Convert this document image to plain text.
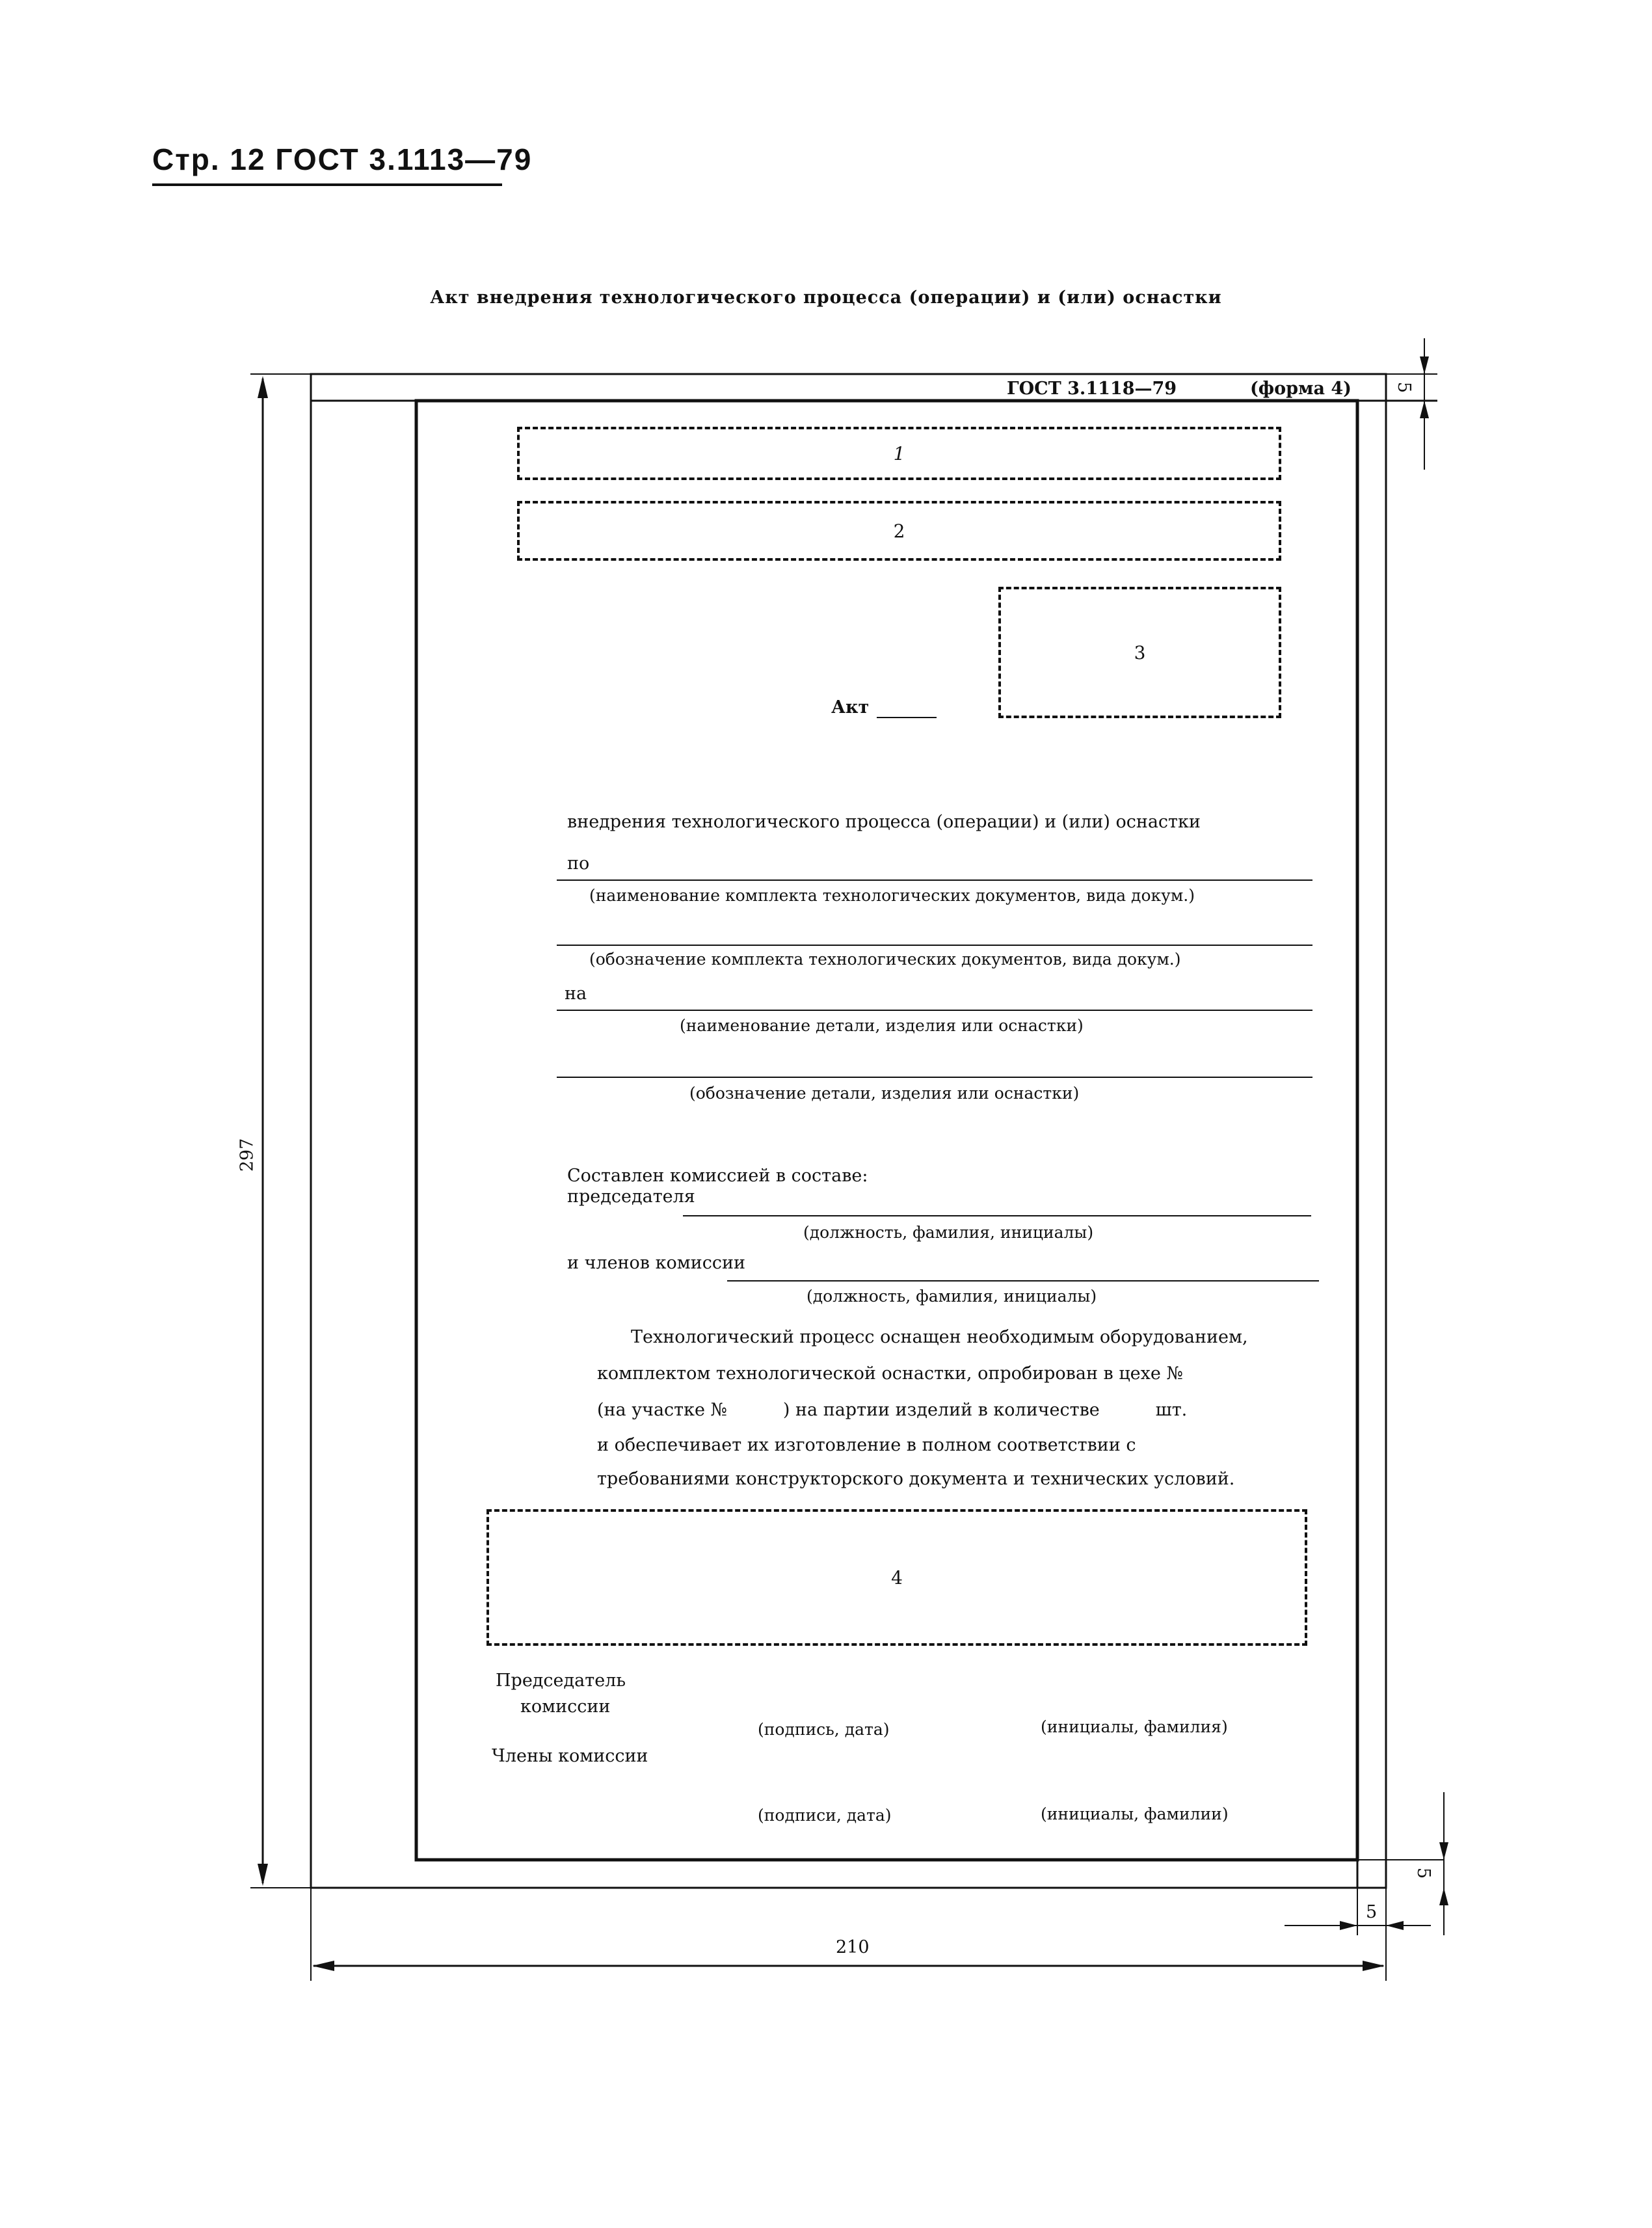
Стр. 12 ГОСТ 3.1113—79
Акт внедрения технологического процесса (операции) и (или) оснастки
297
210
5
5
5
ГОСТ 3.1118—79	(форма 4)
1
2
3
Акт
внедрения технологического процесса (операции) и (или) оснастки
по
(наименование комплекта технологических документов, вида докум.)
(обозначение комплекта технологических документов, вида докум.)
на
(наименование детали, изделия или оснастки)
(обозначение детали, изделия или оснастки)
Составлен комиссией в составе:
председателя
(должность, фамилия, инициалы)
и членов комиссии
(должность, фамилия, инициалы)
Технологический процесс оснащен необходимым оборудованием,
комплектом технологической оснастки, опробирован в цехе №
(на участке №          ) на партии изделий в количестве          шт.
и обеспечивает их изготовление в полном соответствии с
требованиями конструкторского документа и технических условий.
4
Председатель
комиссии
(подпись, дата)	(инициалы, фамилия)
Члены комиссии
(подписи, дата)	(инициалы, фамилии)
